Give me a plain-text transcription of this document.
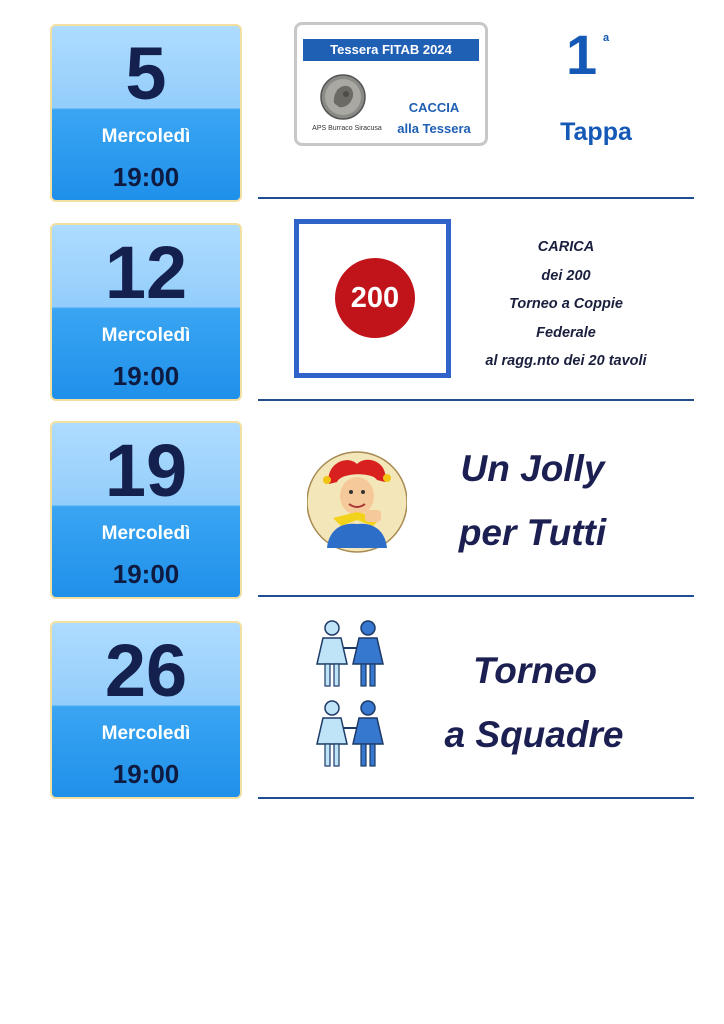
5
Mercoledì
19:00
Tessera FITAB 2024
APS Burraco Siracusa
CACCIA
alla Tessera
1 a
Tappa
12
Mercoledì
19:00
200
CARICA
dei 200
Torneo a Coppie
Federale
al ragg.nto dei 20 tavoli
19
Mercoledì
19:00
Un Jolly
per Tutti
26
Mercoledì
19:00
Torneo
a Squadre
